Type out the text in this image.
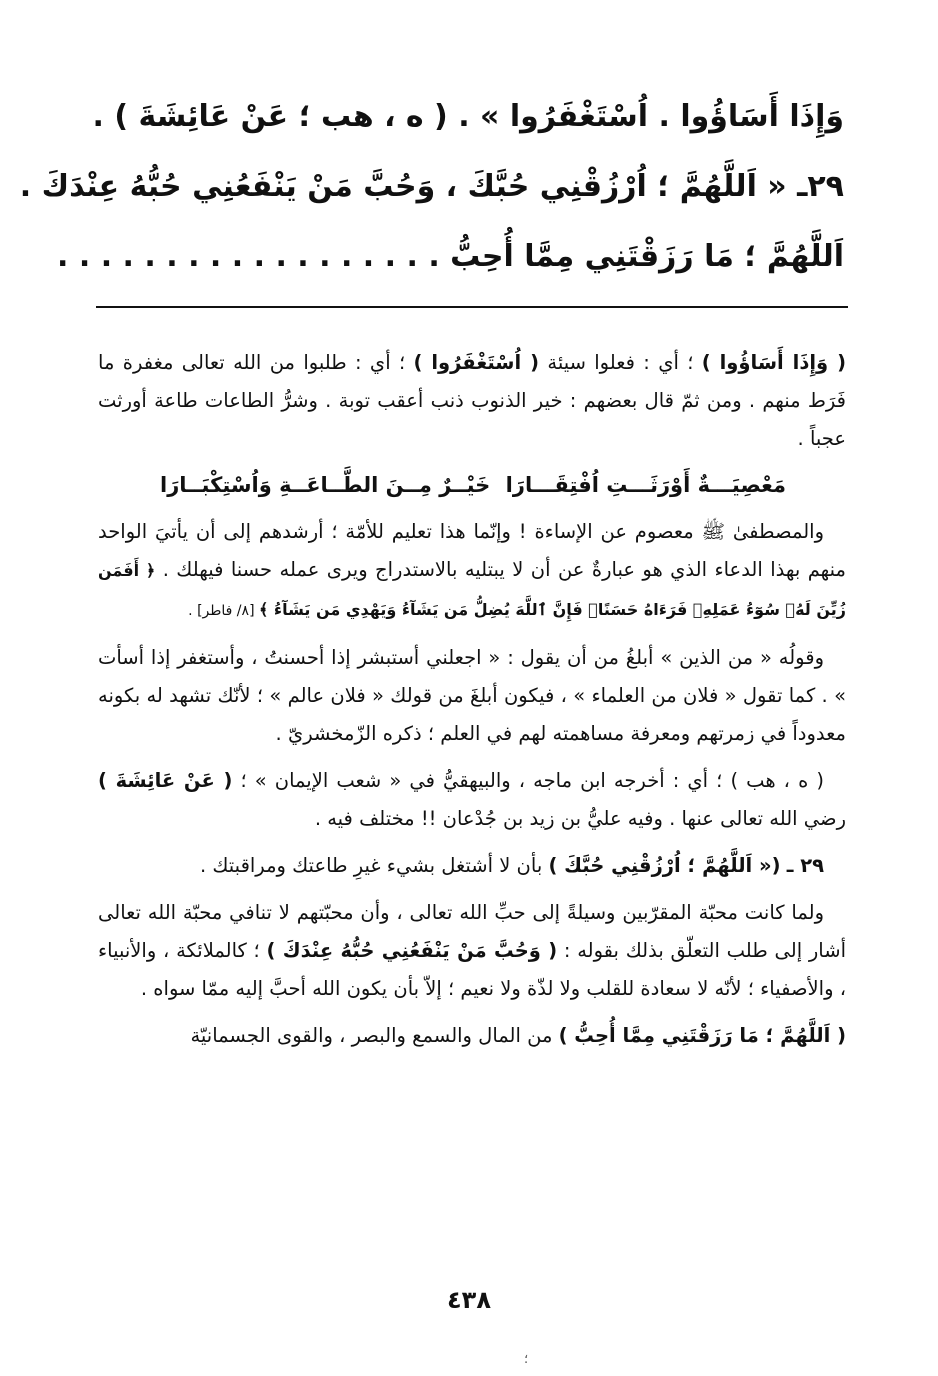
وَإِذَا أَسَاؤُوا . اُسْتَغْفَرُوا » . ( ه ، هب ؛ عَنْ عَائِشَةَ ) .
٢٩ـ « اَللَّهُمَّ ؛ اُرْزُقْنِي حُبَّكَ ، وَحُبَّ مَنْ يَنْفَعُنِي حُبُّهُ عِنْدَكَ .
اَللَّهُمَّ ؛ مَا رَزَقْتَنِي مِمَّا أُحِبُّ . . . . . . . . . . . . . . . . . .

( وَإِذَا أَسَاؤُوا ) ؛ أي : فعلوا سيئة ( اُسْتَغْفَرُوا ) ؛ أي : طلبوا من الله تعالى مغفرة ما فَرَط منهم . ومن ثمّ قال بعضهم : خير الذنوب ذنب أعقب توبة . وشرُّ الطاعات طاعة أورثت عجباً .

مَعْصِيَـــةٌ أَوْرَثَـــتِ اُفْتِقَـــارَا
خَيْــرٌ مِــنَ الطَّــاعَــةِ وَاُسْتِكْبَــارَا

والمصطفىٰ ﷺ معصوم عن الإساءة ! وإنّما هذا تعليم للأمّة ؛ أرشدهم إلى أن يأتيَ الواحد منهم بهذا الدعاء الذي هو عبارةٌ عن أن لا يبتليه بالاستدراج ويرى عمله حسنا فيهلك . ﴿ أَفَمَن زُيِّنَ لَهُۥ سُوٓءُ عَمَلِهِۦ فَرَءَاهُ حَسَنًاۖ فَإِنَّ ٱللَّهَ يُضِلُّ مَن يَشَآءُ وَيَهْدِي مَن يَشَآءُ ﴾ [٨/ فاطر] .

وقولُه « من الذين » أبلغُ من أن يقول : « اجعلني أستبشر إذا أحسنتُ ، وأستغفر إذا أسأت » . كما تقول « فلان من العلماء » ، فيكون أبلغَ من قولك « فلان عالم » ؛ لأنّك تشهد له بكونه معدوداً في زمرتهم ومعرفة مساهمته لهم في العلم ؛ ذكره الزّمخشريّ .

( ه ، هب ) ؛ أي : أخرجه ابن ماجه ، والبيهقيُّ في « شعب الإيمان » ؛ ( عَنْ عَائِشَةَ ) رضي الله تعالى عنها . وفيه عليُّ بن زيد بن جُدْعان !! مختلف فيه .

٢٩ ـ (« اَللَّهُمَّ ؛ اُرْزُقْنِي حُبَّكَ ) بأن لا أشتغل بشيء غيرِ طاعتك ومراقبتك .

ولما كانت محبّة المقرّبين وسيلةً إلى حبِّ الله تعالى ، وأن محبّتهم لا تنافي محبّة الله تعالى أشار إلى طلب التعلّق بذلك بقوله : ( وَحُبَّ مَنْ يَنْفَعُنِي حُبُّهُ عِنْدَكَ ) ؛ كالملائكة ، والأنبياء ، والأصفياء ؛ لأنّه لا سعادة للقلب ولا لذّة ولا نعيم ؛ إلاّ بأن يكون الله أحبَّ إليه ممّا سواه .

( اَللَّهُمَّ ؛ مَا رَزَقْتَنِي مِمَّا أُحِبُّ ) من المال والسمع والبصر ، والقوى الجسمانيّة

٤٣٨
؛
